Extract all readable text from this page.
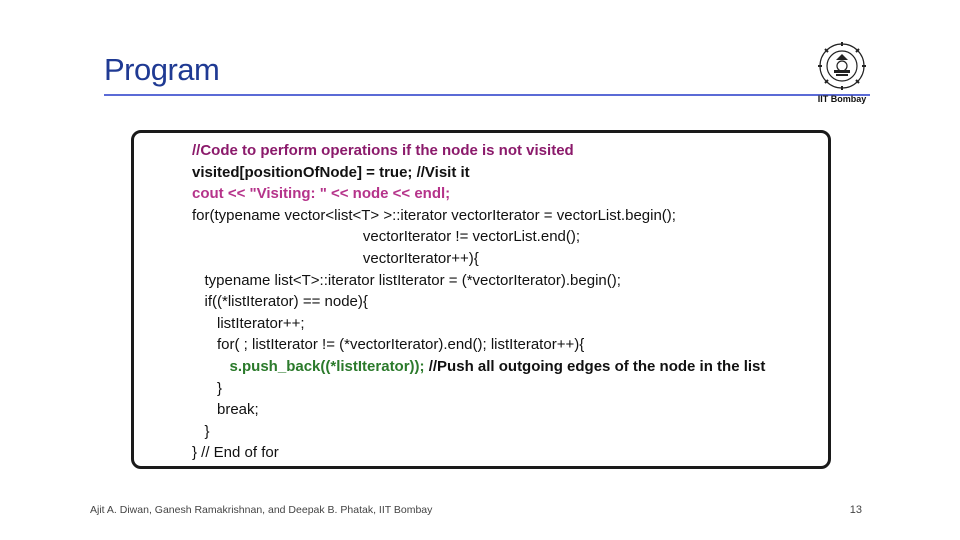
Program
IIT Bombay
//Code to perform operations if the node is not visited
visited[positionOfNode] = true; //Visit it
cout << "Visiting: " << node << endl;
for(typename vector<list<T> >::iterator vectorIterator = vectorList.begin();
vectorIterator != vectorList.end();
vectorIterator++){
typename list<T>::iterator listIterator = (*vectorIterator).begin();
if((*listIterator) == node){
listIterator++;
for( ; listIterator != (*vectorIterator).end(); listIterator++){
s.push_back((*listIterator)); //Push all outgoing edges of the node in the list
}
break;
}
} // End of for
Ajit A. Diwan, Ganesh Ramakrishnan, and Deepak B. Phatak, IIT Bombay	13
